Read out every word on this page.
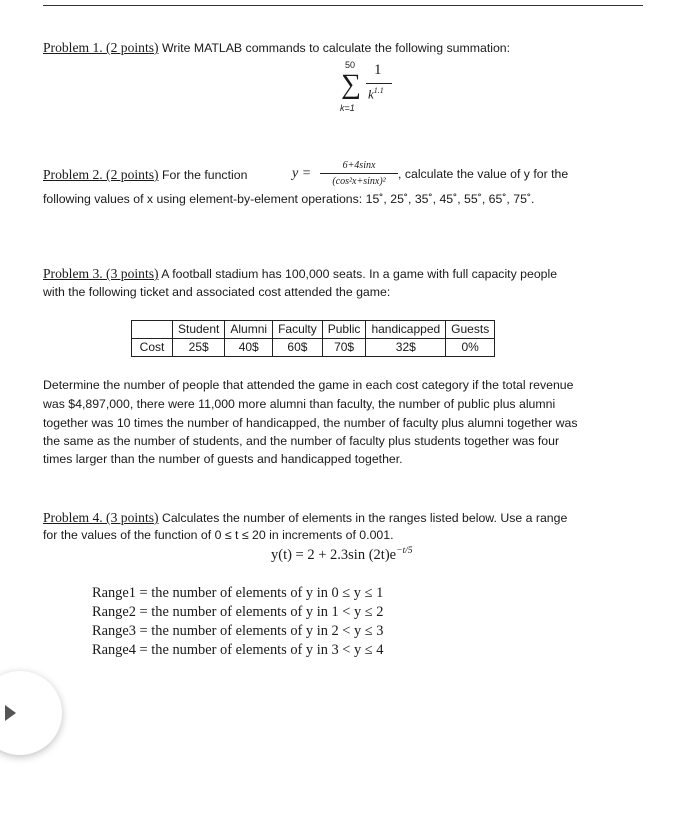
Problem 1. (2 points) Write MATLAB commands to calculate the following summation:
50
∑
k=1
1
$k^{1.1}$
Problem 2. (2 points) For the function	y =
6+4sinx
(cos²x+sinx)²
, calculate the value of y for the
following values of x using element-by-element operations: 15˚, 25˚, 35˚, 45˚, 55˚, 65˚, 75˚.
Problem 3. (3 points) A football stadium has 100,000 seats. In a game with full capacity people
with the following ticket and associated cost attended the game:
	Student	Alumni	Faculty	Public	handicapped	Guests
Cost	25$	40$	60$	70$	32$	0%
Determine the number of people that attended the game in each cost category if the total revenue
was $4,897,000, there were 11,000 more alumni than faculty, the number of public plus alumni
together was 10 times the number of handicapped, the number of faculty plus alumni together was
the same as the number of students, and the number of faculty plus students together was four
times larger than the number of guests and handicapped together.
Problem 4. (3 points) Calculates the number of elements in the ranges listed below. Use a range
for the values of the function of 0 ≤ t ≤ 20 in increments of 0.001.
y(t) = 2 + 2.3sin $(2t)e^{-t/5}$
Range1 = the number of elements of y in 0 ≤ y ≤ 1
Range2 = the number of elements of y in 1 < y ≤ 2
Range3 = the number of elements of y in 2 < y ≤ 3
Range4 = the number of elements of y in 3 < y ≤ 4
